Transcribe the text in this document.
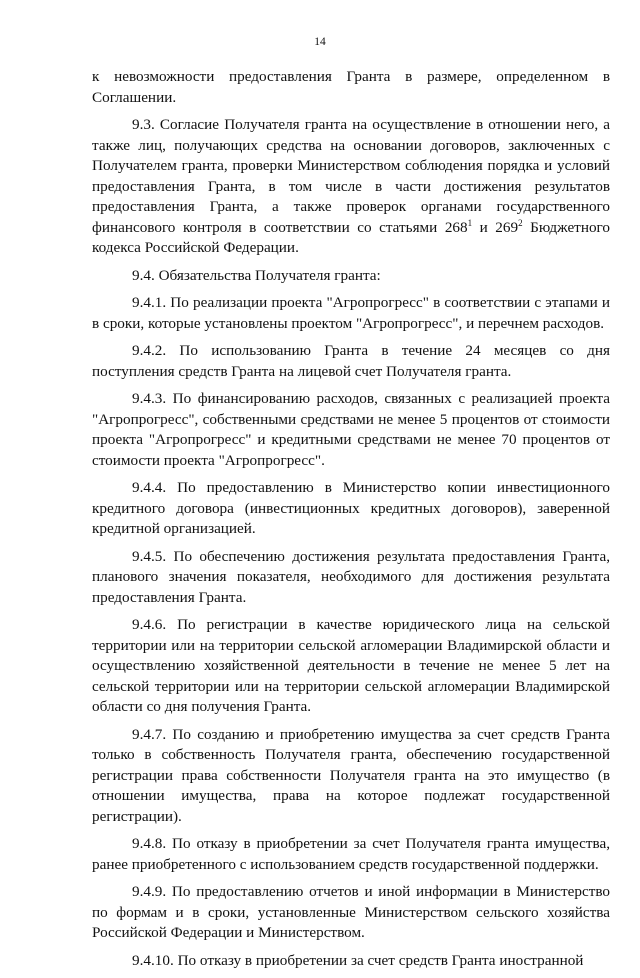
14

к невозможности предоставления Гранта в размере, определенном в Соглашении.

9.3. Согласие Получателя гранта на осуществление в отношении него, а также лиц, получающих средства на основании договоров, заключенных с Получателем гранта, проверки Министерством соблюдения порядка и условий предоставления Гранта, в том числе в части достижения результатов предоставления Гранта, а также проверок органами государственного финансового контроля в соответствии со статьями $268^1$ и $269^2$ Бюджетного кодекса Российской Федерации.

9.4. Обязательства Получателя гранта:

9.4.1. По реализации проекта "Агропрогресс" в соответствии с этапами и в сроки, которые установлены проектом "Агропрогресс", и перечнем расходов.

9.4.2. По использованию Гранта в течение 24 месяцев со дня поступления средств Гранта на лицевой счет Получателя гранта.

9.4.3. По финансированию расходов, связанных с реализацией проекта "Агропрогресс", собственными средствами не менее 5 процентов от стоимости проекта "Агропрогресс" и кредитными средствами не менее 70 процентов от стоимости проекта "Агропрогресс".

9.4.4. По предоставлению в Министерство копии инвестиционного кредитного договора (инвестиционных кредитных договоров), заверенной кредитной организацией.

9.4.5. По обеспечению достижения результата предоставления Гранта, планового значения показателя, необходимого для достижения результата предоставления Гранта.

9.4.6. По регистрации в качестве юридического лица на сельской территории или на территории сельской агломерации Владимирской области и осуществлению хозяйственной деятельности в течение не менее 5 лет на сельской территории или на территории сельской агломерации Владимирской области со дня получения Гранта.

9.4.7. По созданию и приобретению имущества за счет средств Гранта только в собственность Получателя гранта, обеспечению государственной регистрации права собственности Получателя гранта на это имущество (в отношении имущества, права на которое подлежат государственной регистрации).

9.4.8. По отказу в приобретении за счет Получателя гранта имущества, ранее приобретенного с использованием средств государственной поддержки.

9.4.9. По предоставлению отчетов и иной информации в Министерство по формам и в сроки, установленные Министерством сельского хозяйства Российской Федерации и Министерством.

9.4.10. По отказу в приобретении за счет средств Гранта иностранной
